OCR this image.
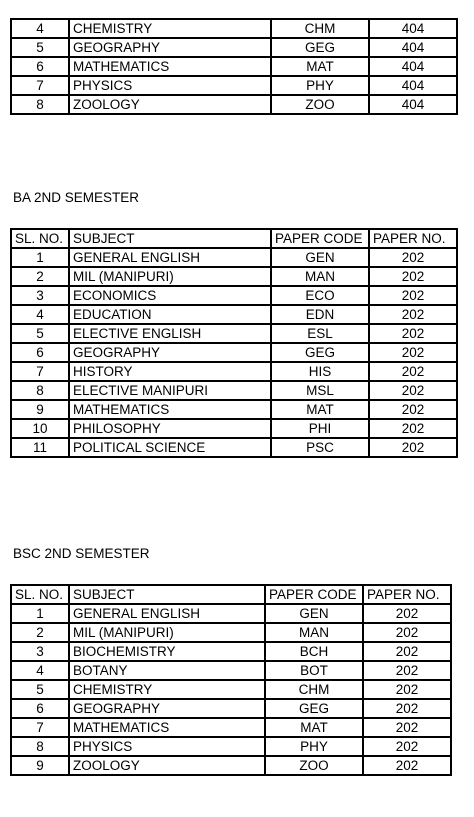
4	CHEMISTRY	CHM	404
5	GEOGRAPHY	GEG	404
6	MATHEMATICS	MAT	404
7	PHYSICS	PHY	404
8	ZOOLOGY	ZOO	404
BA 2ND SEMESTER
SL. NO.	SUBJECT	PAPER CODE	PAPER NO.
1	GENERAL ENGLISH	GEN	202
2	MIL (MANIPURI)	MAN	202
3	ECONOMICS	ECO	202
4	EDUCATION	EDN	202
5	ELECTIVE ENGLISH	ESL	202
6	GEOGRAPHY	GEG	202
7	HISTORY	HIS	202
8	ELECTIVE MANIPURI	MSL	202
9	MATHEMATICS	MAT	202
10	PHILOSOPHY	PHI	202
11	POLITICAL SCIENCE	PSC	202
BSC 2ND SEMESTER
SL. NO.	SUBJECT	PAPER CODE	PAPER NO.
1	GENERAL ENGLISH	GEN	202
2	MIL (MANIPURI)	MAN	202
3	BIOCHEMISTRY	BCH	202
4	BOTANY	BOT	202
5	CHEMISTRY	CHM	202
6	GEOGRAPHY	GEG	202
7	MATHEMATICS	MAT	202
8	PHYSICS	PHY	202
9	ZOOLOGY	ZOO	202
